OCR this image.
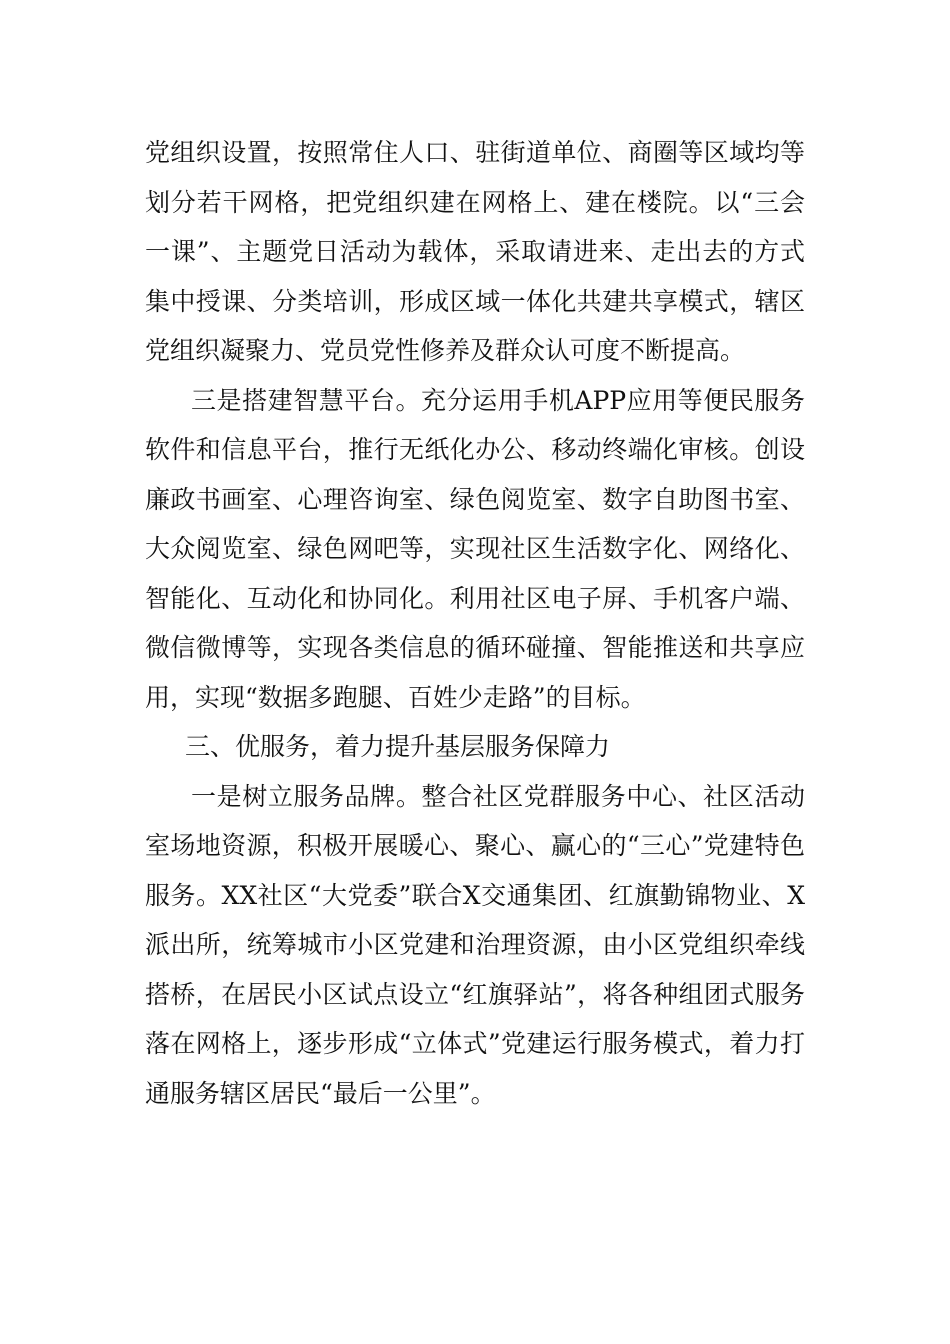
党组织设置，按照常住人口、驻街道单位、商圈等区域均等划分若干网格，把党组织建在网格上、建在楼院。以“三会一课”、主题党日活动为载体，采取请进来、走出去的方式集中授课、分类培训，形成区域一体化共建共享模式，辖区党组织凝聚力、党员党性修养及群众认可度不断提高。

三是搭建智慧平台。充分运用手机APP应用等便民服务软件和信息平台，推行无纸化办公、移动终端化审核。创设廉政书画室、心理咨询室、绿色阅览室、数字自助图书室、大众阅览室、绿色网吧等，实现社区生活数字化、网络化、智能化、互动化和协同化。利用社区电子屏、手机客户端、微信微博等，实现各类信息的循环碰撞、智能推送和共享应用，实现“数据多跑腿、百姓少走路”的目标。

三、优服务，着力提升基层服务保障力

一是树立服务品牌。整合社区党群服务中心、社区活动室场地资源，积极开展暖心、聚心、赢心的“三心”党建特色服务。XX社区“大党委”联合X交通集团、红旗勤锦物业、X派出所，统筹城市小区党建和治理资源，由小区党组织牵线搭桥，在居民小区试点设立“红旗驿站”，将各种组团式服务落在网格上，逐步形成“立体式”党建运行服务模式，着力打通服务辖区居民“最后一公里”。
